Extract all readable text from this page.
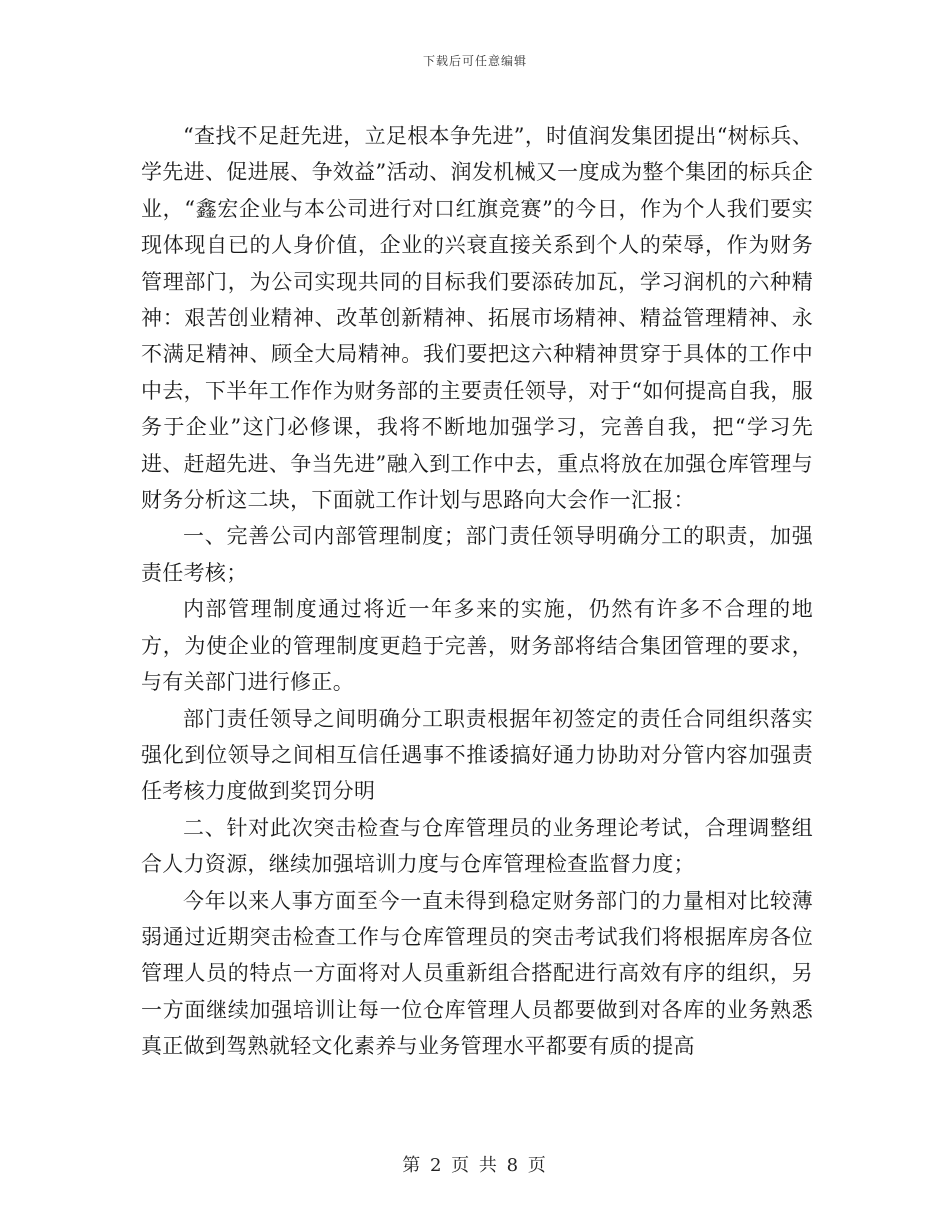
下载后可任意编辑

“查找不足赶先进，立足根本争先进”，时值润发集团提出“树标兵、学先进、促进展、争效益”活动、润发机械又一度成为整个集团的标兵企业，“鑫宏企业与本公司进行对口红旗竞赛”的今日，作为个人我们要实现体现自已的人身价值，企业的兴衰直接关系到个人的荣辱，作为财务管理部门，为公司实现共同的目标我们要添砖加瓦，学习润机的六种精神：艰苦创业精神、改革创新精神、拓展市场精神、精益管理精神、永不满足精神、顾全大局精神。我们要把这六种精神贯穿于具体的工作中中去，下半年工作作为财务部的主要责任领导，对于“如何提高自我，服务于企业”这门必修课，我将不断地加强学习，完善自我，把“学习先进、赶超先进、争当先进”融入到工作中去，重点将放在加强仓库管理与财务分析这二块，下面就工作计划与思路向大会作一汇报：

一、完善公司内部管理制度；部门责任领导明确分工的职责，加强责任考核；

内部管理制度通过将近一年多来的实施，仍然有许多不合理的地方，为使企业的管理制度更趋于完善，财务部将结合集团管理的要求，与有关部门进行修正。

部门责任领导之间明确分工职责根据年初签定的责任合同组织落实强化到位领导之间相互信任遇事不推诿搞好通力协助对分管内容加强责任考核力度做到奖罚分明

二、针对此次突击检查与仓库管理员的业务理论考试，合理调整组合人力资源，继续加强培训力度与仓库管理检查监督力度；

今年以来人事方面至今一直未得到稳定财务部门的力量相对比较薄弱通过近期突击检查工作与仓库管理员的突击考试我们将根据库房各位管理人员的特点一方面将对人员重新组合搭配进行高效有序的组织，另一方面继续加强培训让每一位仓库管理人员都要做到对各库的业务熟悉真正做到驾熟就轻文化素养与业务管理水平都要有质的提高

第 2 页 共 8 页
